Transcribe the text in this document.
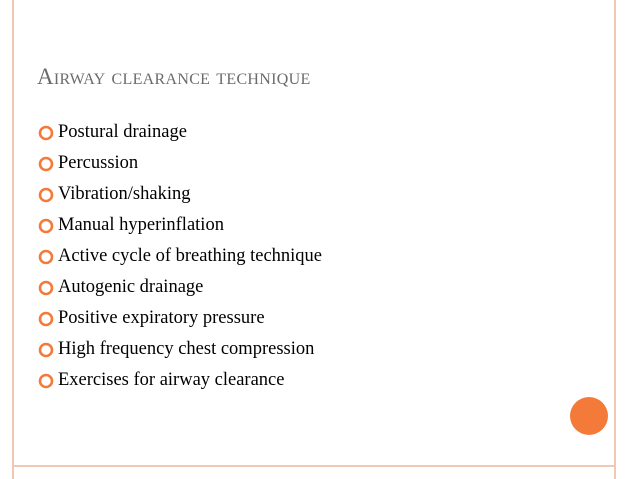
Airway clearance technique
Postural drainage
Percussion
Vibration/shaking
Manual hyperinflation
Active cycle of breathing technique
Autogenic drainage
Positive expiratory pressure
High frequency chest compression
Exercises for airway clearance
